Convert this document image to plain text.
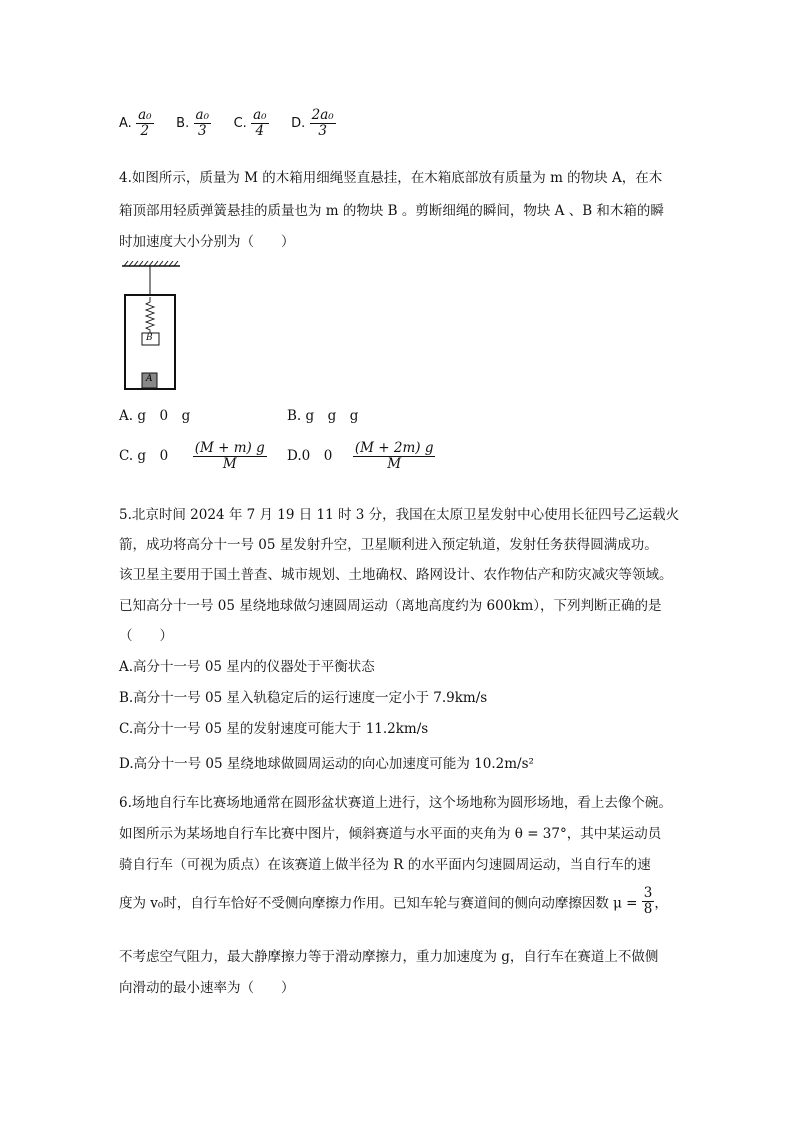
A. $\frac{\text{a₀}}{2} B$. $\frac{\text{a₀}}{3} C$. $\frac{\text{a₀}}{4} D$. $\frac{\text{2a₀}}{3}$
4.如图所示，质量为 M 的木箱用细绳竖直悬挂，在木箱底部放有质量为 m 的物块 A，在木
箱顶部用轻质弹簧悬挂的质量也为 m 的物块 B 。剪断细绳的瞬间，物块 A 、B 和木箱的瞬
时加速度大小分别为（　　）
B
A
A. g　0　g	B. g　g　g
C. g　$0 \frac{(M + m) g}{M} D.0$　$0 \frac{(M + 2m) g}{M}$
5.北京时间 2024 年 7 月 19 日 11 时 3 分，我国在太原卫星发射中心使用长征四号乙运载火
箭，成功将高分十一号 05 星发射升空，卫星顺利进入预定轨道，发射任务获得圆满成功。
该卫星主要用于国土普查、城市规划、土地确权、路网设计、农作物估产和防灾减灾等领域。
已知高分十一号 05 星绕地球做匀速圆周运动（离地高度约为 600km），下列判断正确的是
（　　）
A.高分十一号 05 星内的仪器处于平衡状态
B.高分十一号 05 星入轨稳定后的运行速度一定小于 7.9km/s
C.高分十一号 05 星的发射速度可能大于 11.2km/s
D.高分十一号 05 星绕地球做圆周运动的向心加速度可能为 10.2m/s²
6.场地自行车比赛场地通常在圆形盆状赛道上进行，这个场地称为圆形场地，看上去像个碗。
如图所示为某场地自行车比赛中图片，倾斜赛道与水平面的夹角为 θ = 37°，其中某运动员
骑自行车（可视为质点）在该赛道上做半径为 R 的水平面内匀速圆周运动，当自行车的速
度为 v₀时，自行车恰好不受侧向摩擦力作用。已知车轮与赛道间的侧向动摩擦因数 $\mu = \frac{3}{8}$ ，
不考虑空气阻力，最大静摩擦力等于滑动摩擦力，重力加速度为 g，自行车在赛道上不做侧
向滑动的最小速率为（　　）
